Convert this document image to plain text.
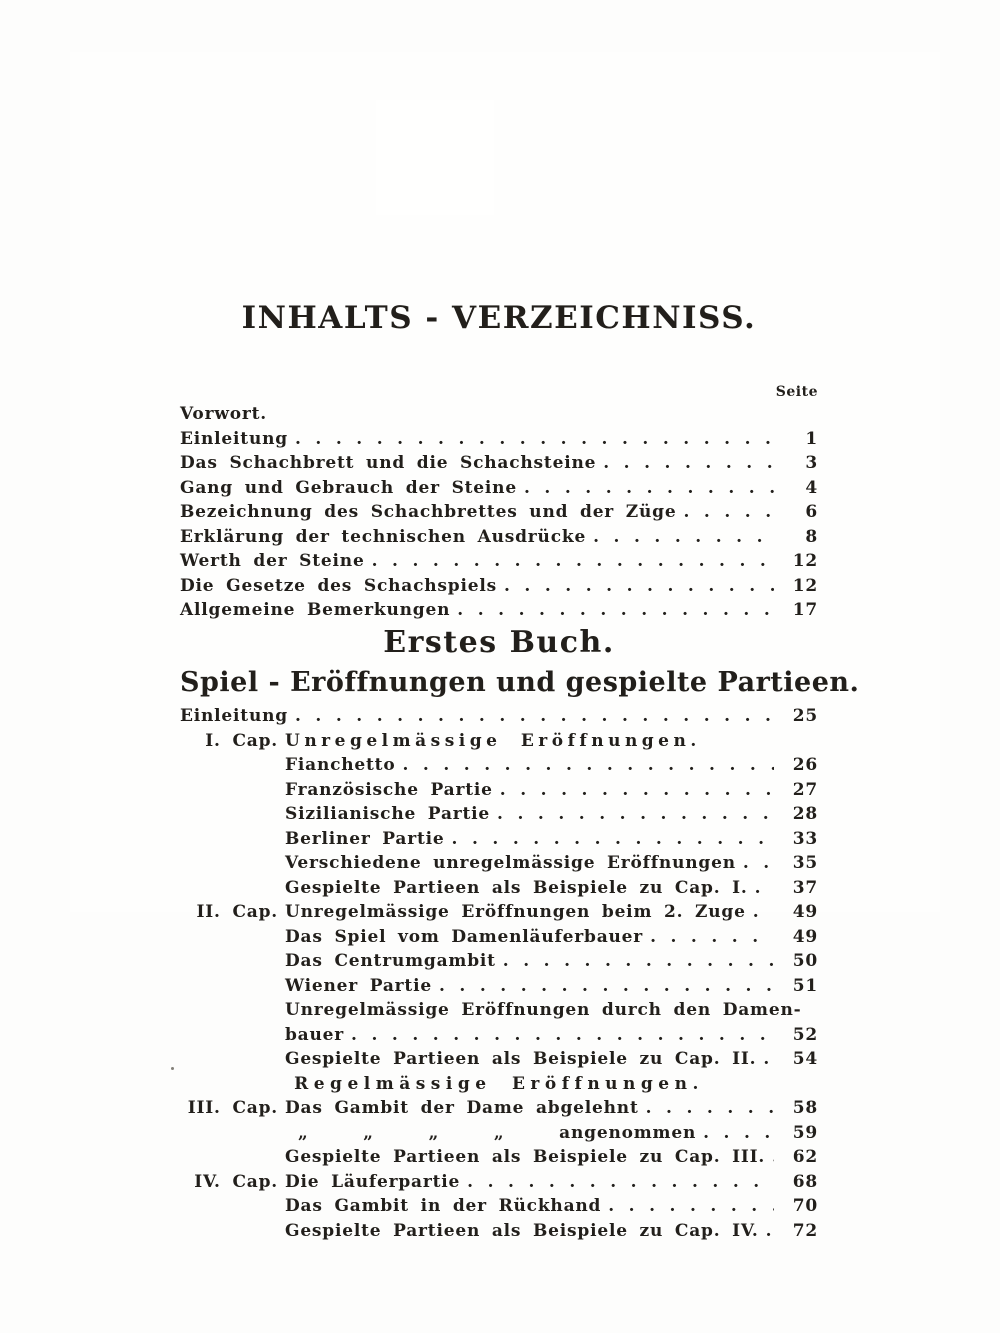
INHALTS - VERZEICHNISS.
Seite
Vorwort.
Einleitung . . .	1
Das Schachbrett und die Schachsteine . . .	3
Gang und Gebrauch der Steine . . .	4
Bezeichnung des Schachbrettes und der Züge . . .	6
Erklärung der technischen Ausdrücke . . .	8
Werth der Steine . . .	12
Die Gesetze des Schachspiels . . .	12
Allgemeine Bemerkungen . . .	17
Erstes Buch.
Spiel - Eröffnungen und gespielte Partieen.
Einleitung . . .	25
I. Cap. Unregelmässige Eröffnungen.
Fianchetto . . .	26
Französische Partie . . .	27
Sizilianische Partie . . .	28
Berliner Partie . . .	33
Verschiedene unregelmässige Eröffnungen . . .	35
Gespielte Partieen als Beispiele zu Cap. I. . . .	37
II. Cap. Unregelmässige Eröffnungen beim 2. Zuge . . .	49
Das Spiel vom Damenläuferbauer . . .	49
Das Centrumgambit . . .	50
Wiener Partie . . .	51
Unregelmässige Eröffnungen durch den Damen-
bauer . . .	52
Gespielte Partieen als Beispiele zu Cap. II. . . .	54
Regelmässige Eröffnungen.
III. Cap. Das Gambit der Dame abgelehnt . . .	58
„ „ „ „ angenommen . . .	59
Gespielte Partieen als Beispiele zu Cap. III. . . .	62
IV. Cap. Die Läuferpartie . . .	68
Das Gambit in der Rückhand . . .	70
Gespielte Partieen als Beispiele zu Cap. IV. . . .	72
